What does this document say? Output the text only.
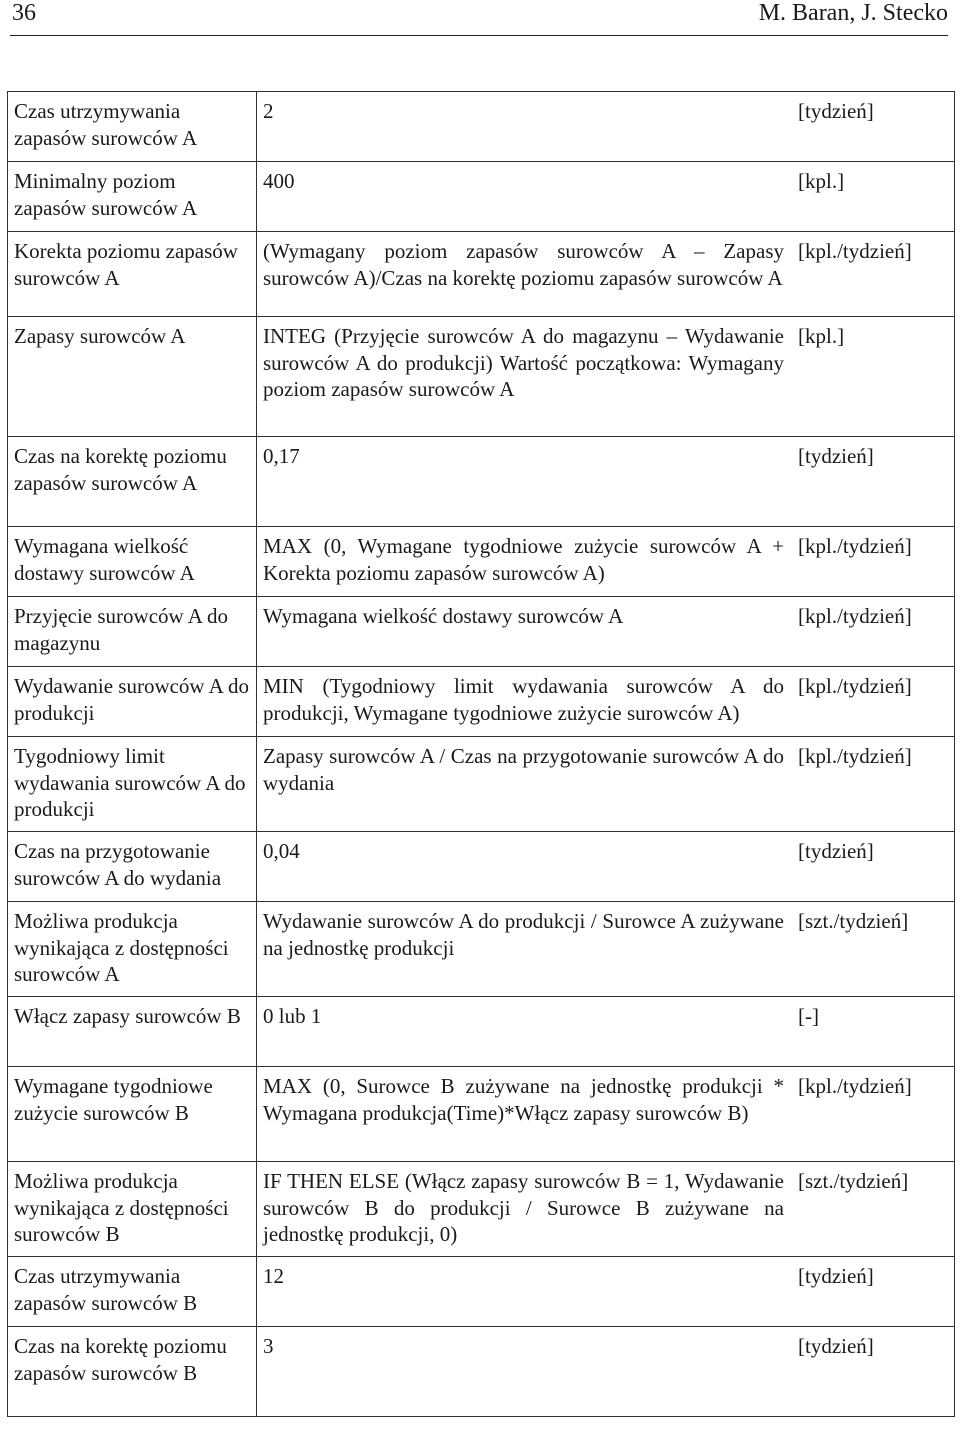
36	M. Baran, J. Stecko
Czas utrzymywania zapasów surowców A	2	[tydzień]
Minimalny poziom zapasów surowców A	400	[kpl.]
Korekta poziomu zapasów surowców A	(Wymagany poziom zapasów surowców A – Zapasy surowców A)/Czas na korektę poziomu zapasów surowców A	[kpl./tydzień]
Zapasy surowców A	INTEG (Przyjęcie surowców A do magazynu – Wydawanie surowców A do produkcji) Wartość początkowa: Wymagany poziom zapasów surowców A	[kpl.]
Czas na korektę poziomu zapasów surowców A	0,17	[tydzień]
Wymagana wielkość dostawy surowców A	MAX (0, Wymagane tygodniowe zużycie surowców A + Korekta poziomu zapasów surowców A)	[kpl./tydzień]
Przyjęcie surowców A do magazynu	Wymagana wielkość dostawy surowców A	[kpl./tydzień]
Wydawanie surowców A do produkcji	MIN (Tygodniowy limit wydawania surowców A do produkcji, Wymagane tygodniowe zużycie surowców A)	[kpl./tydzień]
Tygodniowy limit wydawania surowców A do produkcji	Zapasy surowców A / Czas na przygotowanie surowców A do wydania	[kpl./tydzień]
Czas na przygotowanie surowców A do wydania	0,04	[tydzień]
Możliwa produkcja wynikająca z dostępności surowców A	Wydawanie surowców A do produkcji / Surowce A zużywane na jednostkę produkcji	[szt./tydzień]
Włącz zapasy surowców B	0 lub 1	[-]
Wymagane tygodniowe zużycie surowców B	MAX (0, Surowce B zużywane na jednostkę produkcji * Wymagana produkcja(Time)*Włącz zapasy surowców B)	[kpl./tydzień]
Możliwa produkcja wynikająca z dostępności surowców B	IF THEN ELSE (Włącz zapasy surowców B = 1, Wydawanie surowców B do produkcji / Surowce B zużywane na jednostkę produkcji, 0)	[szt./tydzień]
Czas utrzymywania zapasów surowców B	12	[tydzień]
Czas na korektę poziomu zapasów surowców B	3	[tydzień]
